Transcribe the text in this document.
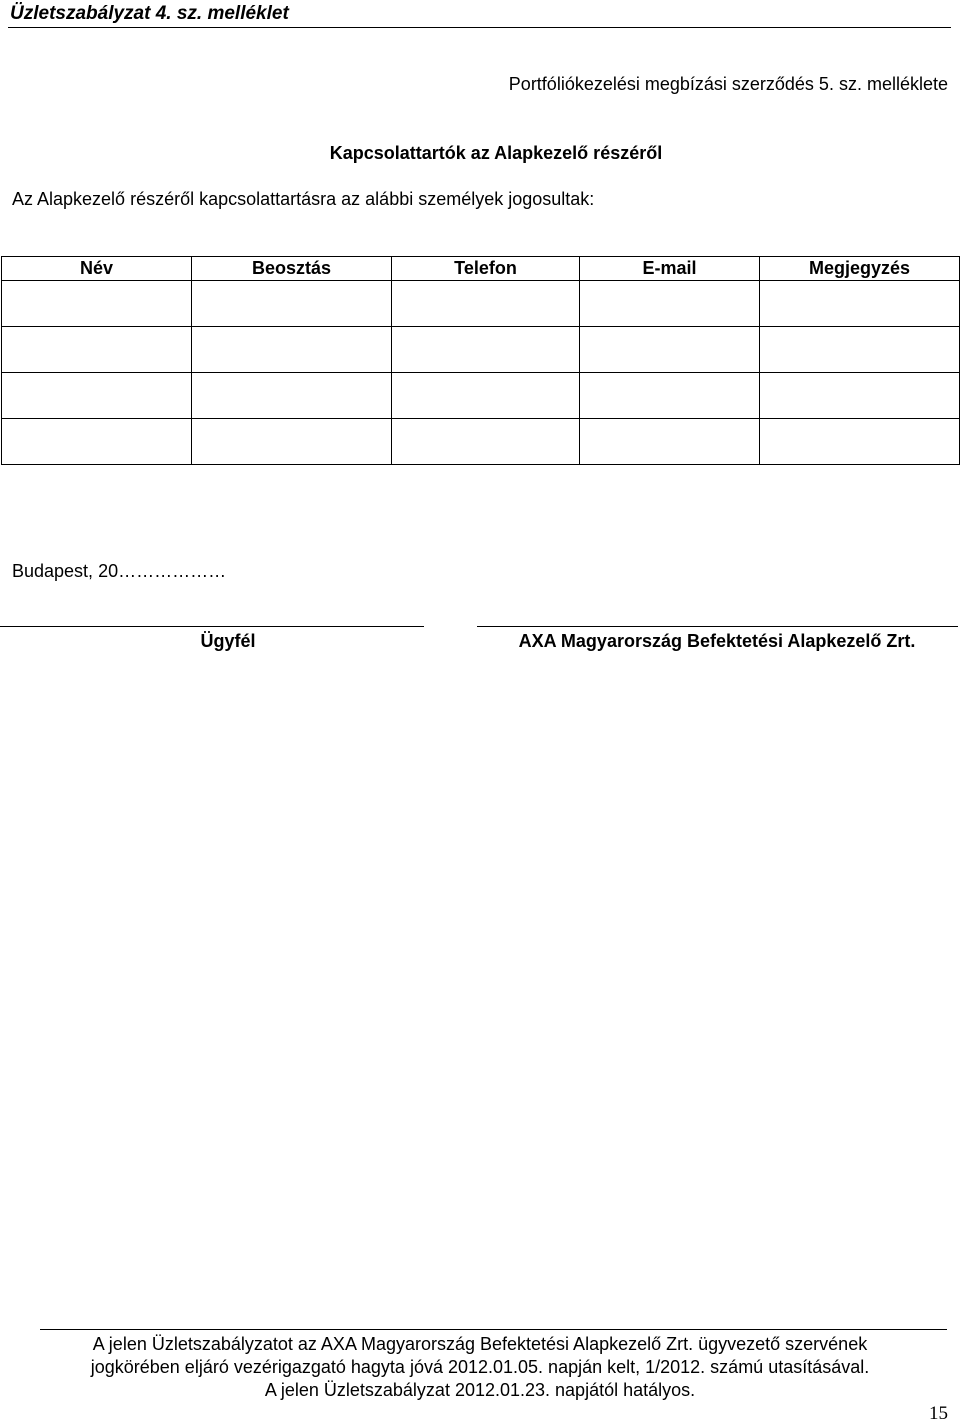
Üzletszabályzat 4. sz. melléklet
Portfóliókezelési megbízási szerződés 5. sz. melléklete
Kapcsolattartók az Alapkezelő részéről
Az Alapkezelő részéről kapcsolattartásra az alábbi személyek jogosultak:
Név	Beosztás	Telefon	E-mail	Megjegyzés

Budapest, 20………………
Ügyfél	AXA Magyarország Befektetési Alapkezelő Zrt.
A jelen Üzletszabályzatot az AXA Magyarország Befektetési Alapkezelő Zrt. ügyvezető szervének
jogkörében eljáró vezérigazgató hagyta jóvá 2012.01.05. napján kelt, 1/2012. számú utasításával.
A jelen Üzletszabályzat 2012.01.23. napjától hatályos.
15
